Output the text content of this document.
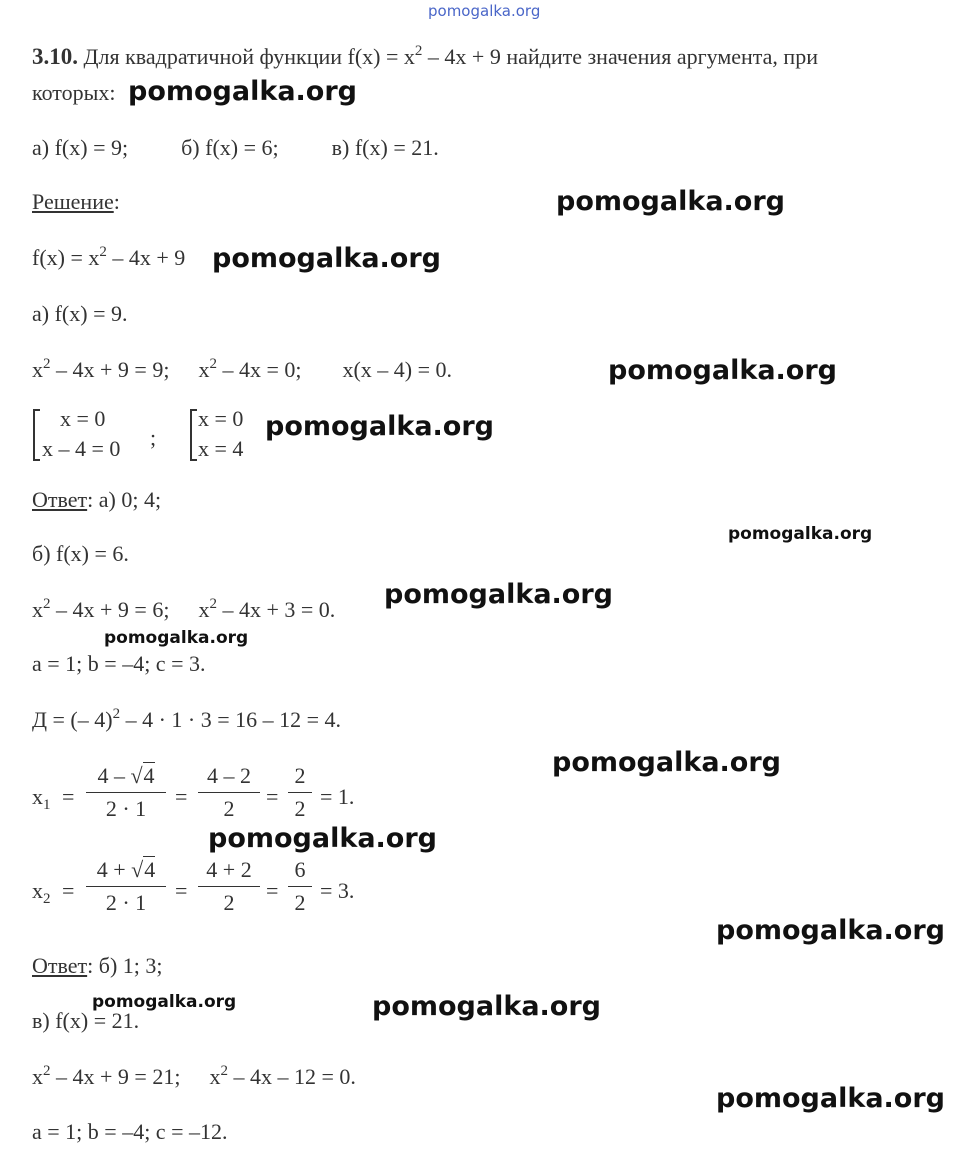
pomogalka.org
pomogalka.org
pomogalka.org
pomogalka.org
pomogalka.org
pomogalka.org
pomogalka.org
pomogalka.org
pomogalka.org
pomogalka.org
pomogalka.org
pomogalka.org
pomogalka.org	pomogalka.org
pomogalka.org
3.10. Для квадратичной функции $f(x) = x^2 - 4x + 9$ найдите значения аргумента, при
которых:
а) f(x) = 9; б) f(x) = 6; в) f(x) = 21.
Решение:
$f(x) = x^2 - 4x + 9$
а) f(x) = 9.
$x^2 - 4x + 9 = 9$; $x^2 - 4x = 0$; x(x – 4) = 0.
x = 0
x – 4 = 0 ;
x = 0
x = 4
Ответ: а) 0; 4;
б) f(x) = 6.
$x^2 - 4x + 9 = 6$; $x^2 - 4x + 3 = 0$.
a = 1; b = –4; c = 3.
Д = (– 4)$^2$ – 4 · 1 · 3 = 16 – 12 = 4.
$x_1$ =
4 – √4
2 · 1	=
4 – 2
2	=
2
2 = 1.
$x_2$ =
4 + √4
2 · 1	=
4 + 2
2	=
6
2 = 3.
Ответ: б) 1; 3;
в) f(x) = 21.
$x^2 - 4x + 9 = 21$; $x^2 - 4x - 12 = 0$.
a = 1; b = –4; c = –12.
